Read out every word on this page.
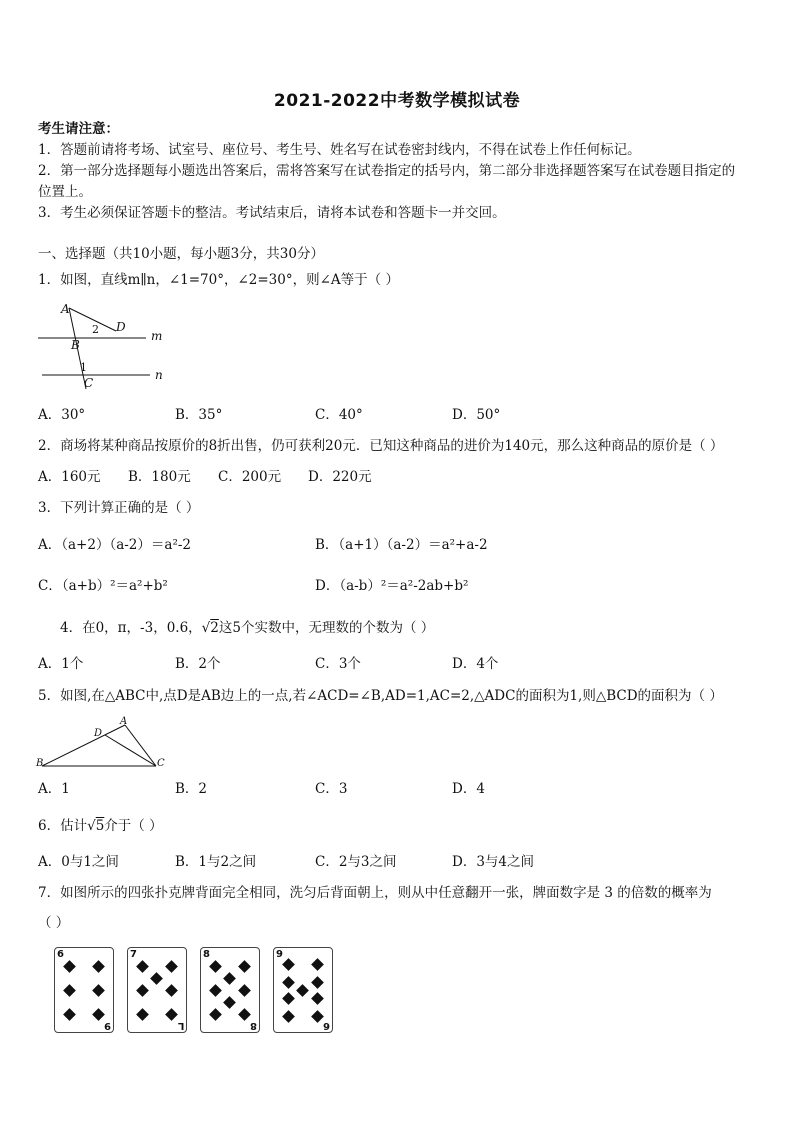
2021-2022中考数学模拟试卷
考生请注意：
1．答题前请将考场、试室号、座位号、考生号、姓名写在试卷密封线内，不得在试卷上作任何标记。
2．第一部分选择题每小题选出答案后，需将答案写在试卷指定的括号内，第二部分非选择题答案写在试卷题目指定的
位置上。
3．考生必须保证答题卡的整洁。考试结束后，请将本试卷和答题卡一并交回。
一、选择题（共10小题，每小题3分，共30分）
1．如图，直线m∥n，∠1=70°，∠2=30°，则∠A等于（ ）
A
B
C
D
m
n
1
2
A．30°	B．35°	C．40°	D．50°
2．商场将某种商品按原价的8折出售，仍可获利20元．已知这种商品的进价为140元，那么这种商品的原价是（ ）
A．160元 B．180元 C．200元 D．220元
3．下列计算正确的是（ ）
A．（a+2）（a-2）＝a²-2	B．（a+1）（a-2）＝a²+a-2
C．（a+b）²＝a²+b²	D．（a-b）²＝a²-2ab+b²
4．在0，π，-3，0.6，√2这5个实数中，无理数的个数为（ ）
A．1个	B．2个	C．3个	D．4个
5．如图,在△ABC中,点D是AB边上的一点,若∠ACD=∠B,AD=1,AC=2,△ADC的面积为1,则△BCD的面积为（ ）
A
B	C
D
A．1	B．2	C．3	D．4
6．估计√5介于（ ）
A．0与1之间	B．1与2之间	C．2与3之间	D．3与4之间
7．如图所示的四张扑克牌背面完全相同，洗匀后背面朝上，则从中任意翻开一张，牌面数字是 3 的倍数的概率为
（ ）
6
9
7
L
8
8
9
6
